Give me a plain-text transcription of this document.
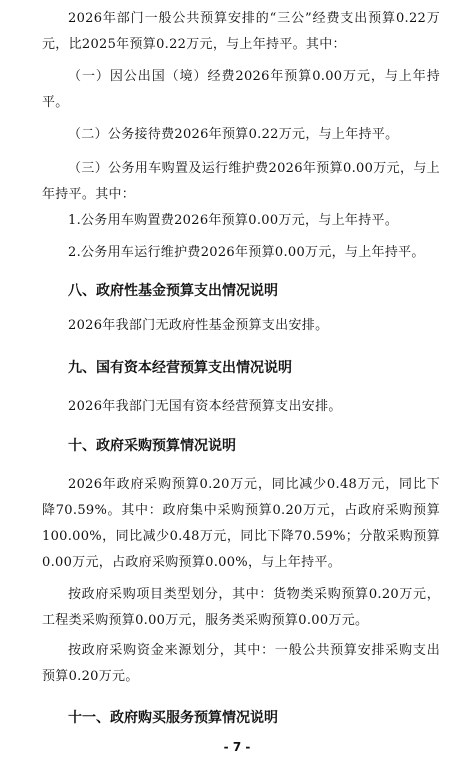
2026年部门一般公共预算安排的“三公”经费支出预算0.22万元，比2025年预算0.22万元，与上年持平。其中：

（一）因公出国（境）经费2026年预算0.00万元，与上年持平。

（二）公务接待费2026年预算0.22万元，与上年持平。

（三）公务用车购置及运行维护费2026年预算0.00万元，与上年持平。其中：

1.公务用车购置费2026年预算0.00万元，与上年持平。

2.公务用车运行维护费2026年预算0.00万元，与上年持平。

八、政府性基金预算支出情况说明

2026年我部门无政府性基金预算支出安排。

九、国有资本经营预算支出情况说明

2026年我部门无国有资本经营预算支出安排。

十、政府采购预算情况说明

2026年政府采购预算0.20万元，同比减少0.48万元，同比下降70.59%。其中：政府集中采购预算0.20万元，占政府采购预算100.00%，同比减少0.48万元，同比下降70.59%；分散采购预算0.00万元，占政府采购预算0.00%，与上年持平。

按政府采购项目类型划分，其中：货物类采购预算0.20万元，工程类采购预算0.00万元，服务类采购预算0.00万元。

按政府采购资金来源划分，其中：一般公共预算安排采购支出预算0.20万元。

十一、政府购买服务预算情况说明
- 7 -
